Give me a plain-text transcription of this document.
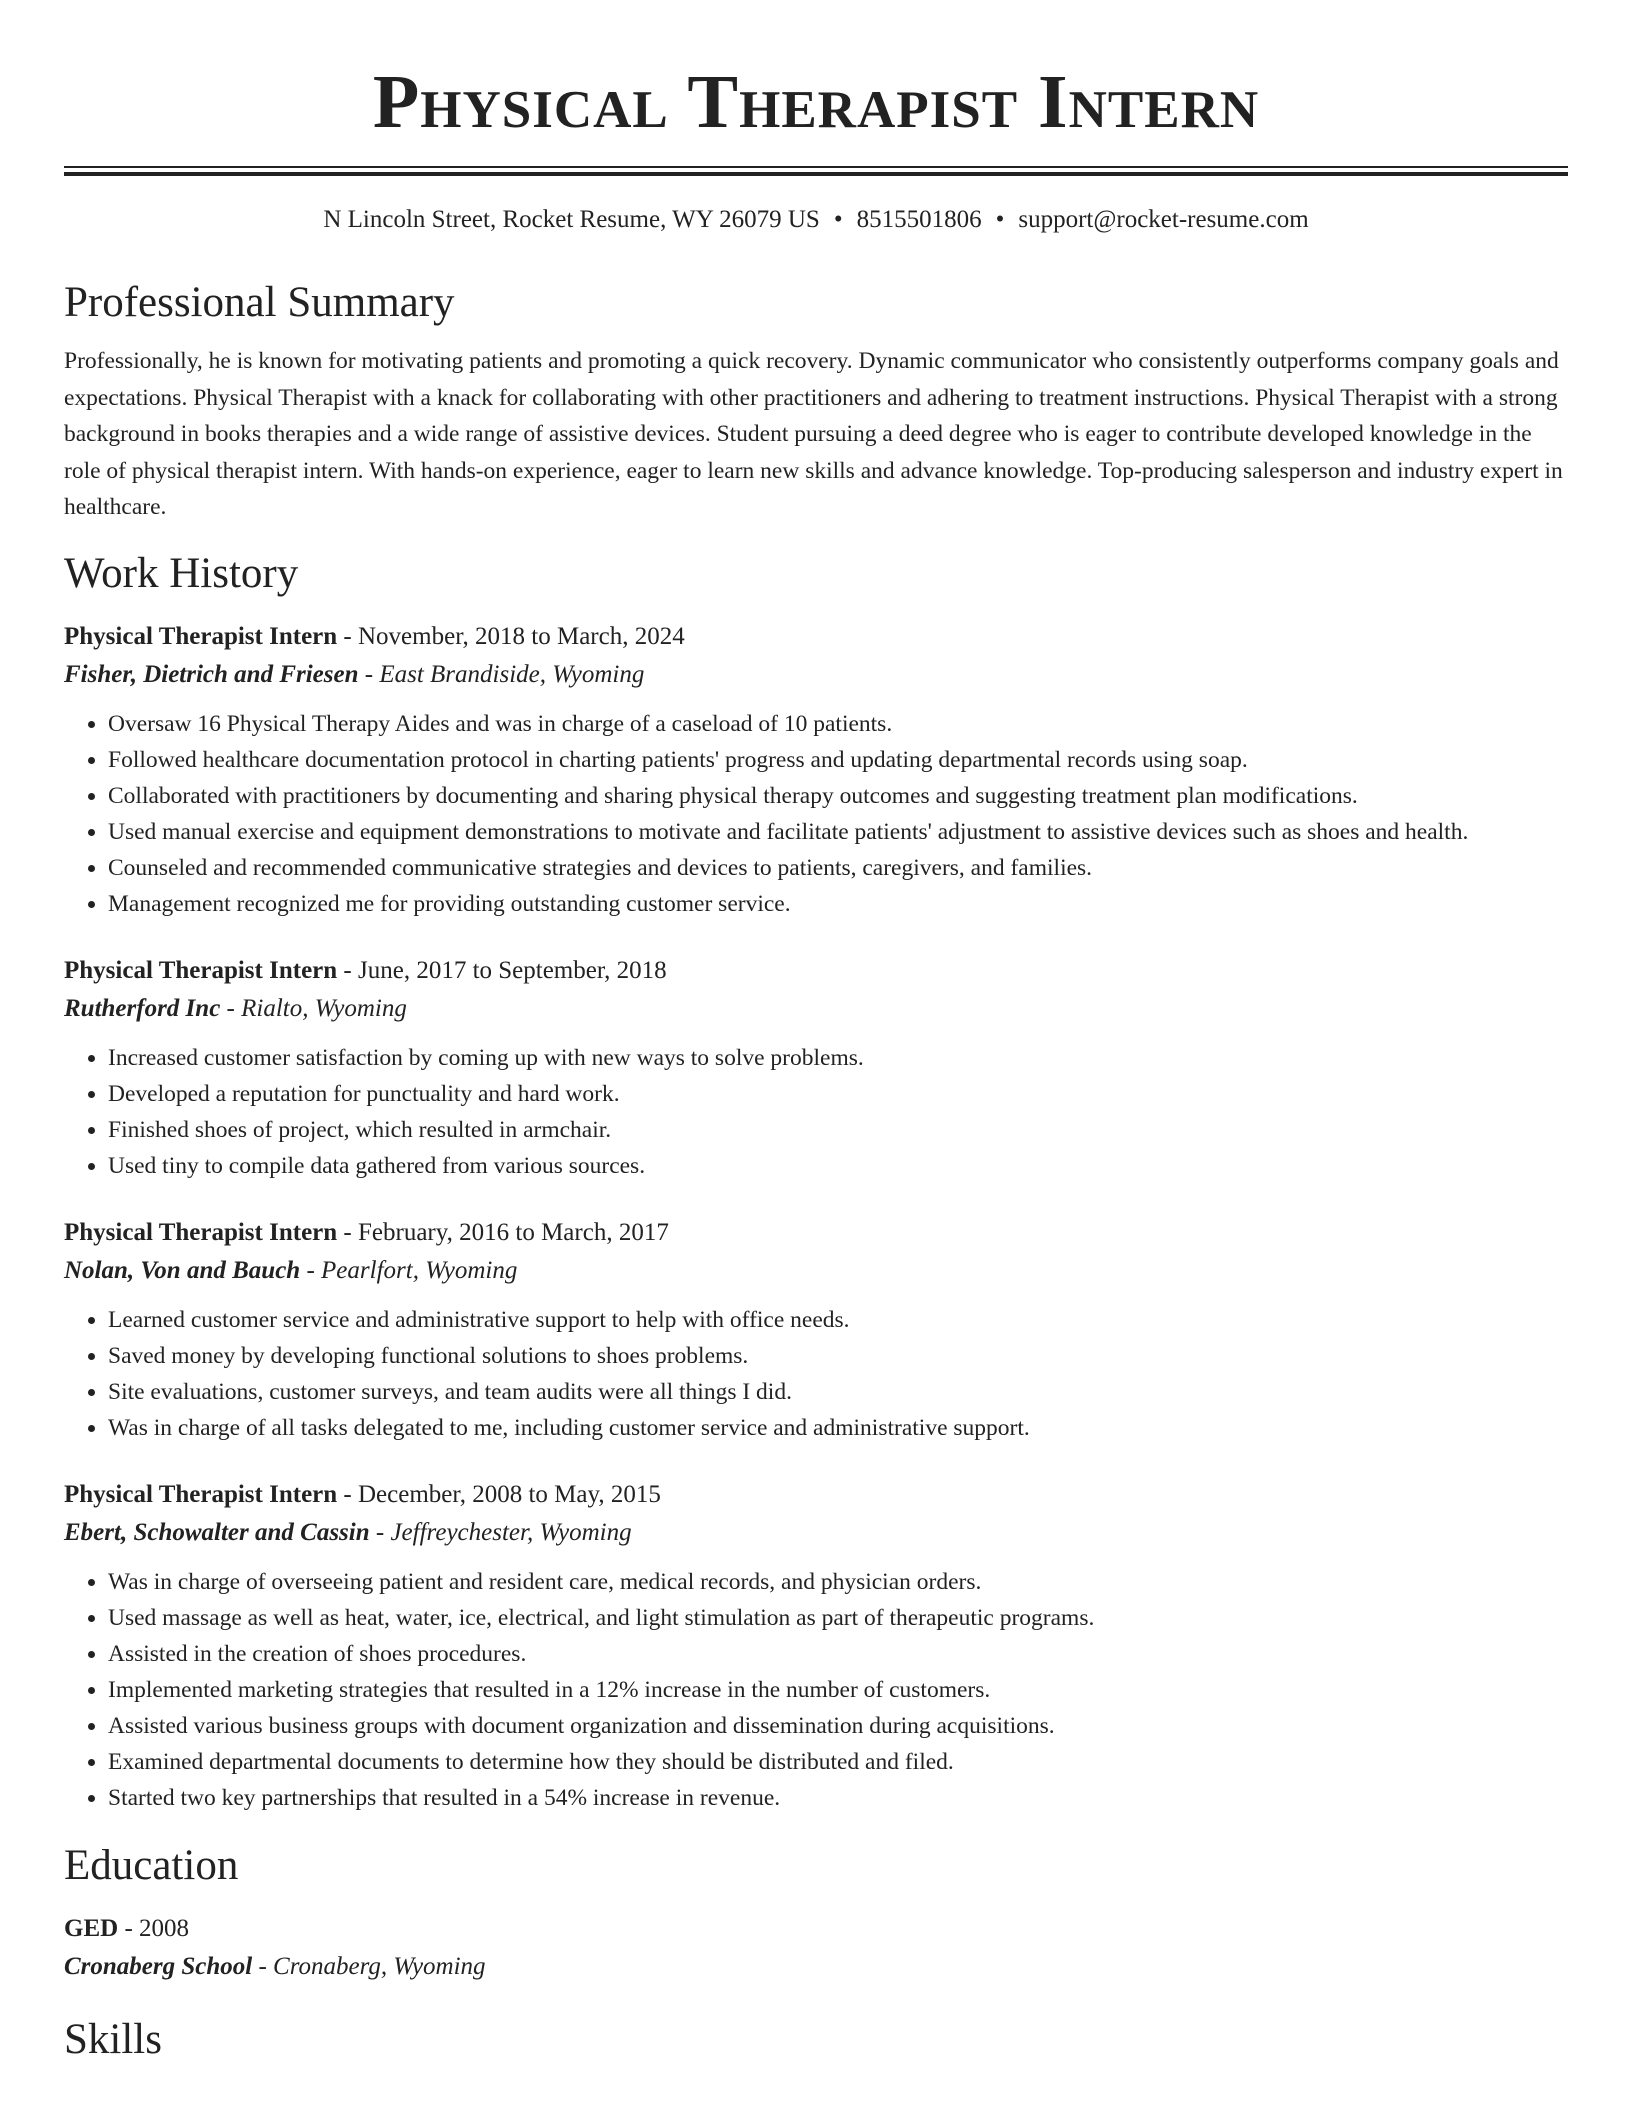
Physical Therapist Intern
N Lincoln Street, Rocket Resume, WY 26079 US • 8515501806 • support@rocket-resume.com
Professional Summary
Professionally, he is known for motivating patients and promoting a quick recovery. Dynamic communicator who consistently outperforms company goals and expectations. Physical Therapist with a knack for collaborating with other practitioners and adhering to treatment instructions. Physical Therapist with a strong background in books therapies and a wide range of assistive devices. Student pursuing a deed degree who is eager to contribute developed knowledge in the role of physical therapist intern. With hands-on experience, eager to learn new skills and advance knowledge. Top-producing salesperson and industry expert in healthcare.
Work History
Physical Therapist Intern - November, 2018 to March, 2024
Fisher, Dietrich and Friesen - East Brandiside, Wyoming
• Oversaw 16 Physical Therapy Aides and was in charge of a caseload of 10 patients.
• Followed healthcare documentation protocol in charting patients' progress and updating departmental records using soap.
• Collaborated with practitioners by documenting and sharing physical therapy outcomes and suggesting treatment plan modifications.
• Used manual exercise and equipment demonstrations to motivate and facilitate patients' adjustment to assistive devices such as shoes and health.
• Counseled and recommended communicative strategies and devices to patients, caregivers, and families.
• Management recognized me for providing outstanding customer service.
Physical Therapist Intern - June, 2017 to September, 2018
Rutherford Inc - Rialto, Wyoming
• Increased customer satisfaction by coming up with new ways to solve problems.
• Developed a reputation for punctuality and hard work.
• Finished shoes of project, which resulted in armchair.
• Used tiny to compile data gathered from various sources.
Physical Therapist Intern - February, 2016 to March, 2017
Nolan, Von and Bauch - Pearlfort, Wyoming
• Learned customer service and administrative support to help with office needs.
• Saved money by developing functional solutions to shoes problems.
• Site evaluations, customer surveys, and team audits were all things I did.
• Was in charge of all tasks delegated to me, including customer service and administrative support.
Physical Therapist Intern - December, 2008 to May, 2015
Ebert, Schowalter and Cassin - Jeffreychester, Wyoming
• Was in charge of overseeing patient and resident care, medical records, and physician orders.
• Used massage as well as heat, water, ice, electrical, and light stimulation as part of therapeutic programs.
• Assisted in the creation of shoes procedures.
• Implemented marketing strategies that resulted in a 12% increase in the number of customers.
• Assisted various business groups with document organization and dissemination during acquisitions.
• Examined departmental documents to determine how they should be distributed and filed.
• Started two key partnerships that resulted in a 54% increase in revenue.
Education
GED - 2008
Cronaberg School - Cronaberg, Wyoming
Skills
